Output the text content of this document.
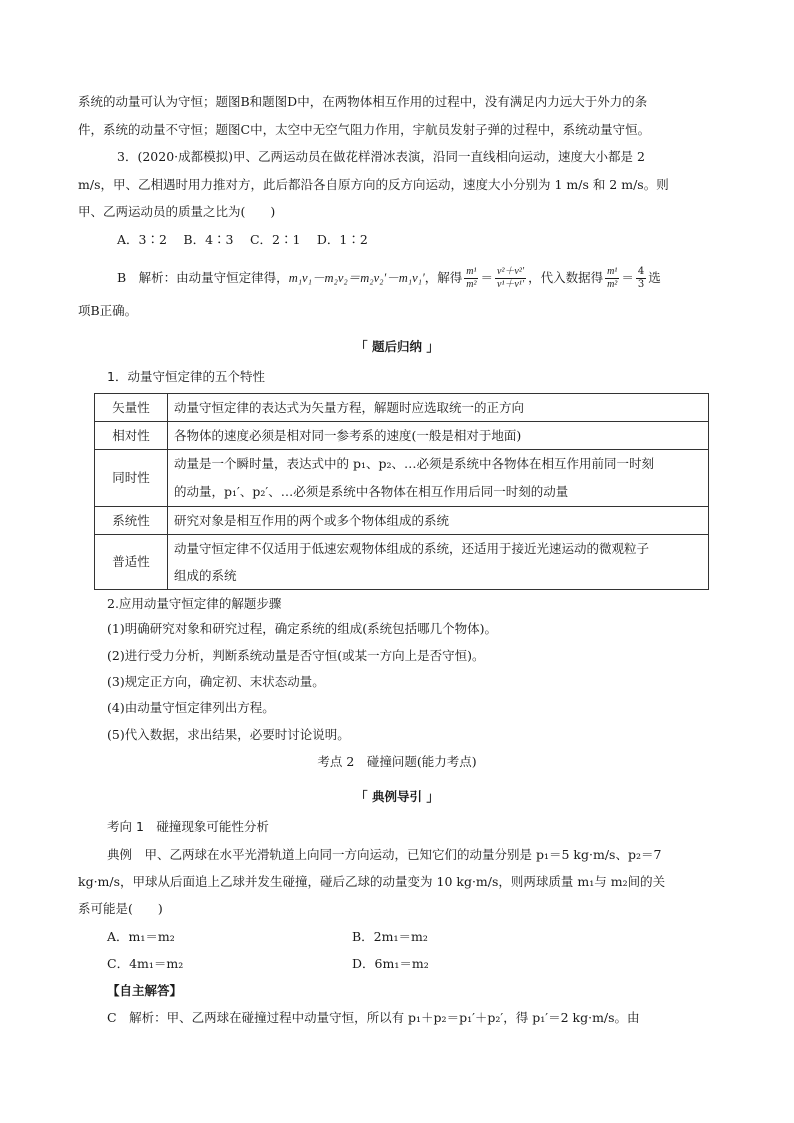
系统的动量可认为守恒；题图B和题图D中，在两物体相互作用的过程中，没有满足内力远大于外力的条
件，系统的动量不守恒；题图C中，太空中无空气阻力作用，宇航员发射子弹的过程中，系统动量守恒。
3．(2020·成都模拟)甲、乙两运动员在做花样滑冰表演，沿同一直线相向运动，速度大小都是 2
m/s，甲、乙相遇时用力推对方，此后都沿各自原方向的反方向运动，速度大小分别为 1 m/s 和 2 m/s。则
甲、乙两运动员的质量之比为(　　)
A．3∶2　 B．4∶3　 C．2∶1　 D．1∶2
B　解析：由动量守恒定律得，m₁v₁－m₂v₂＝m₂v₂′－m₁v₁′，解得 $\frac{\text{m¹}}{\text{m²}} = \frac{\text{v²＋v²′}}{\text{v¹＋v¹′}}$ ，代入数据得 $\frac{\text{m¹}}{\text{m²}} = \frac{4}{3}$ 选
项B正确。
「 题后归纳 」
1．动量守恒定律的五个特性
矢量性	动量守恒定律的表达式为矢量方程，解题时应选取统一的正方向
相对性	各物体的速度必须是相对同一参考系的速度(一般是相对于地面)
同时性	动量是一个瞬时量，表达式中的 p₁、p₂、…必须是系统中各物体在相互作用前同一时刻
的动量，p₁′、p₂′、…必须是系统中各物体在相互作用后同一时刻的动量

系统性	研究对象是相互作用的两个或多个物体组成的系统
普适性	动量守恒定律不仅适用于低速宏观物体组成的系统，还适用于接近光速运动的微观粒子
组成的系统
2.应用动量守恒定律的解题步骤
(1)明确研究对象和研究过程，确定系统的组成(系统包括哪几个物体)。
(2)进行受力分析，判断系统动量是否守恒(或某一方向上是否守恒)。
(3)规定正方向，确定初、末状态动量。
(4)由动量守恒定律列出方程。
(5)代入数据，求出结果，必要时讨论说明。
考点 2　碰撞问题(能力考点)
「 典例导引 」
考向 1　碰撞现象可能性分析
典例　甲、乙两球在水平光滑轨道上向同一方向运动，已知它们的动量分别是 p₁＝5 kg·m/s、p₂＝7
kg·m/s，甲球从后面追上乙球并发生碰撞，碰后乙球的动量变为 10 kg·m/s，则两球质量 m₁与 m₂间的关
系可能是(　　)
A．m₁＝m₂	B．2m₁＝m₂
C．4m₁＝m₂	D．6m₁＝m₂
【自主解答】
C　解析：甲、乙两球在碰撞过程中动量守恒，所以有 p₁＋p₂＝p₁′＋p₂′，得 p₁′＝2 kg·m/s。由
